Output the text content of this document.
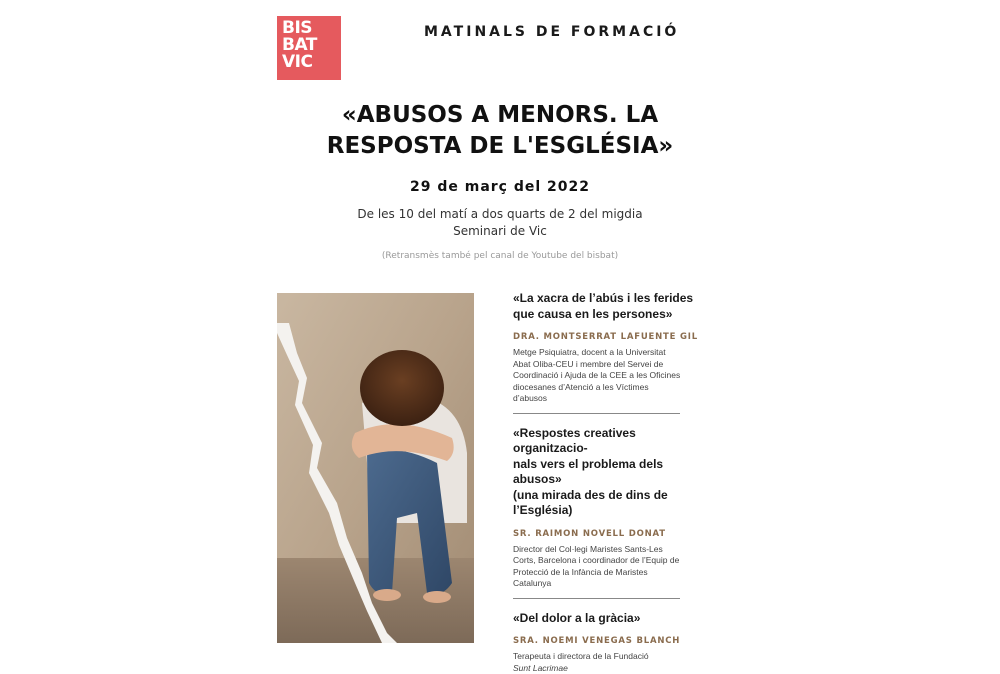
BIS
BAT
VIC
MATINALS DE FORMACIÓ
«ABUSOS A MENORS. LA
RESPOSTA DE L'ESGLÉSIA»
29 de març del 2022
De les 10 del matí a dos quarts de 2 del migdia
Seminari de Vic
(Retransmès també pel canal de Youtube del bisbat)
«La xacra de l’abús i les ferides
que causa en les persones»
DRA. MONTSERRAT LAFUENTE GIL
Metge Psiquiatra, docent a la Universitat
Abat Oliba-CEU i membre del Servei de
Coordinació i Ajuda de la CEE a les Oficines
diocesanes d’Atenció a les Víctimes
d’abusos
«Respostes creatives organitzacio-
nals vers el problema dels abusos»
(una mirada des de dins de l’Església)
SR. RAIMON NOVELL DONAT
Director del Col·legi Maristes Sants-Les
Corts, Barcelona i coordinador de l’Equip de
Protecció de la Infància de Maristes
Catalunya
«Del dolor a la gràcia»
SRA. NOEMI VENEGAS BLANCH
Terapeuta i directora de la Fundació
Sunt Lacrimae
